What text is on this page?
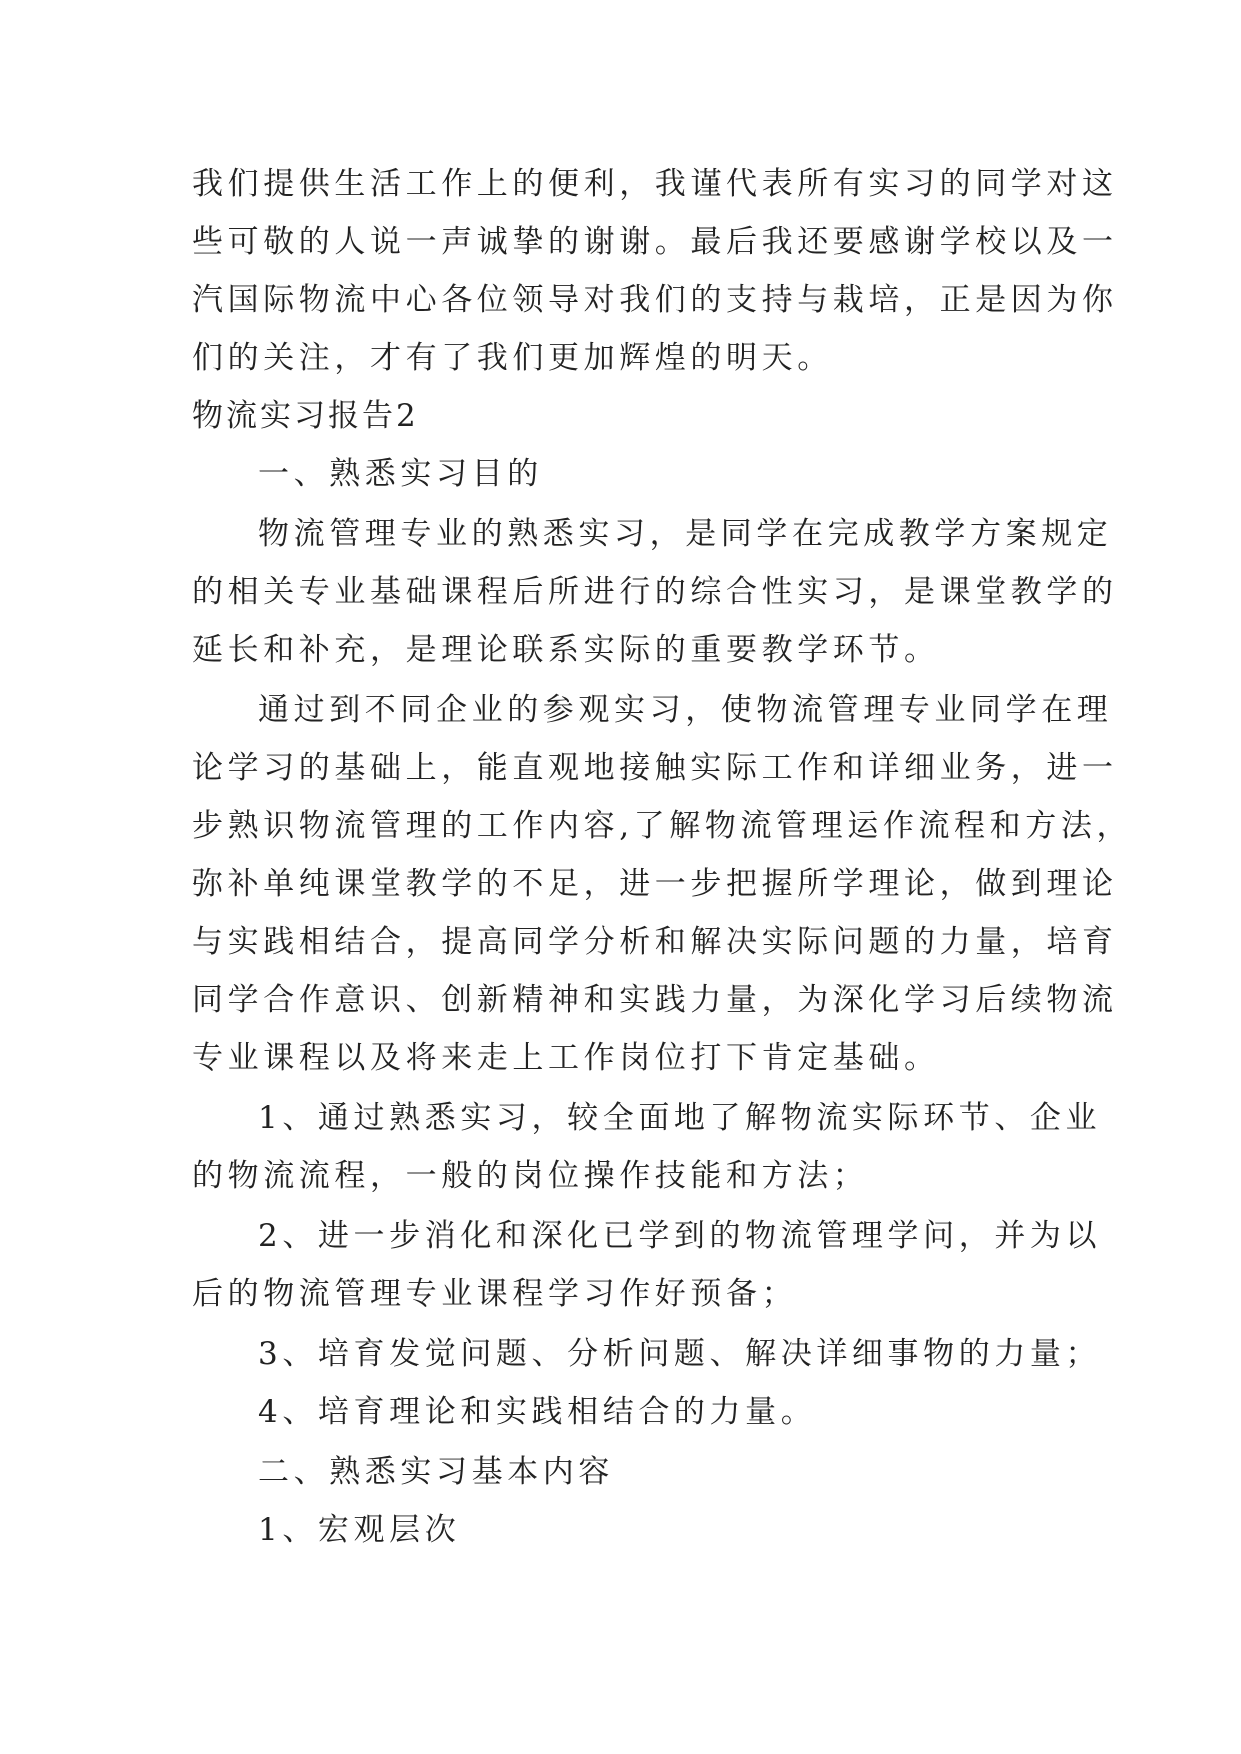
我们提供生活工作上的便利，我谨代表所有实习的同学对这
些可敬的人说一声诚挚的谢谢。最后我还要感谢学校以及一
汽国际物流中心各位领导对我们的支持与栽培，正是因为你
们的关注，才有了我们更加辉煌的明天。
物流实习报告2
一、熟悉实习目的
物流管理专业的熟悉实习，是同学在完成教学方案规定
的相关专业基础课程后所进行的综合性实习，是课堂教学的
延长和补充，是理论联系实际的重要教学环节。
通过到不同企业的参观实习，使物流管理专业同学在理
论学习的基础上，能直观地接触实际工作和详细业务，进一
步熟识物流管理的工作内容,了解物流管理运作流程和方法，
弥补单纯课堂教学的不足，进一步把握所学理论，做到理论
与实践相结合，提高同学分析和解决实际问题的力量，培育
同学合作意识、创新精神和实践力量，为深化学习后续物流
专业课程以及将来走上工作岗位打下肯定基础。
1、通过熟悉实习，较全面地了解物流实际环节、企业
的物流流程，一般的岗位操作技能和方法；
2、进一步消化和深化已学到的物流管理学问，并为以
后的物流管理专业课程学习作好预备；
3、培育发觉问题、分析问题、解决详细事物的力量；
4、培育理论和实践相结合的力量。
二、熟悉实习基本内容
1、宏观层次
